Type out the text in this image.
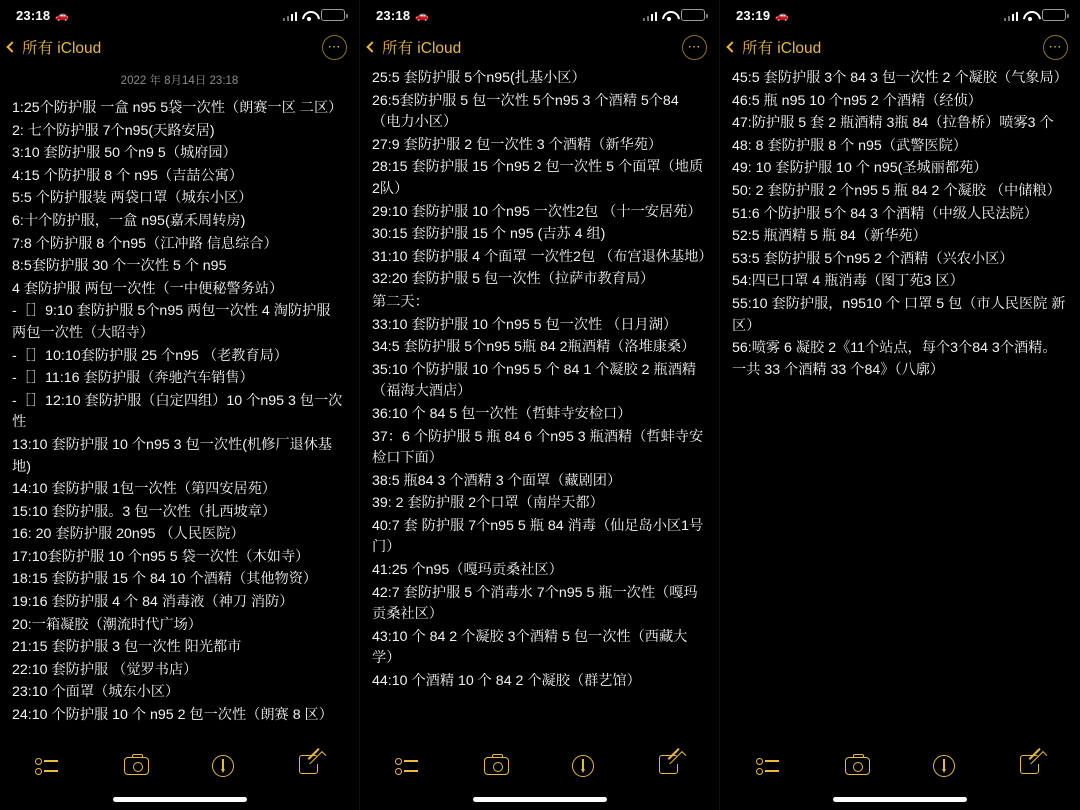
23:18 🚗
所有 iCloud	⋯
2022 年 8月14日 23:18
1:25个防护服 一盒 n95 5袋一次性（朗赛一区 二区）
2: 七个防护服 7个n95(天路安居)
3:10 套防护服 50 个n9 5（城府园）
4:15 个防护服 8 个 n95（吉喆公寓）
5:5 个防护服装 两袋口罩（城东小区）
6:十个防护服，一盒 n95(嘉禾周转房)
7:8 个防护服 8 个n95（江冲路 信息综合）
8:5套防护服 30 个一次性 5 个 n95
4 套防护服 两包一次性（一中便秘警务站）
-［］9:10 套防护服 5个n95 两包一次性 4 淘防护服 两包一次性（大昭寺）
-［］10:10套防护服 25 个n95 （老教育局）
-［］11:16 套防护服（奔驰汽车销售）
-［］12:10 套防护服（白定四组）10 个n95 3 包一次性
13:10 套防护服 10 个n95 3 包一次性(机修厂退休基地)
14:10 套防护服 1包一次性（第四安居苑）
15:10 套防护服。3 包一次性（扎西坡章）
16: 20 套防护服 20n95 （人民医院）
17:10套防护服 10 个n95 5 袋一次性（木如寺）
18:15 套防护服 15 个 84 10 个酒精（其他物资）
19:16 套防护服 4 个 84 消毒液（神刀 消防）
20:一箱凝胶（潮流时代广场）
21:15 套防护服 3 包一次性 阳光都市
22:10 套防护服 （觉罗书店）
23:10 个面罩（城东小区）
24:10 个防护服 10 个 n95 2 包一次性（朗赛 8 区）
23:18 🚗
所有 iCloud	⋯
25:5 套防护服 5个n95(扎基小区）
26:5套防护服 5 包一次性 5个n95 3 个酒精 5个84 （电力小区）
27:9 套防护服 2 包一次性 3 个酒精（新华苑）
28:15 套防护服 15 个n95 2 包一次性 5 个面罩（地质2队）
29:10 套防护服 10 个n95 一次性2包 （十一安居苑）
30:15 套防护服 15 个 n95 (吉苏 4 组)
31:10 套防护服 4 个面罩 一次性2包 （布宫退休基地）
32:20 套防护服 5 包一次性（拉萨市教育局）
第二天：
33:10 套防护服 10 个n95 5 包一次性 （日月湖）
34:5 套防护服 5个n95 5瓶 84 2瓶酒精（洛堆康桑）
35:10 个防护服 10 个n95 5 个 84 1 个凝胶 2 瓶酒精（福海大酒店）
36:10 个 84 5 包一次性（哲蚌寺安检口）
37：6 个防护服 5 瓶 84 6 个n95 3 瓶酒精（哲蚌寺安检口下面）
38:5 瓶84 3 个酒精 3 个面罩（藏剧团）
39: 2 套防护服 2个口罩（南岸天都）
40:7 套 防护服 7个n95 5 瓶 84 消毒（仙足岛小区1号门）
41:25 个n95（嘎玛贡桑社区）
42:7 套防护服 5 个消毒水 7个n95 5 瓶一次性（嘎玛贡桑社区）
43:10 个 84 2 个凝胶 3个酒精 5 包一次性（西藏大学）
44:10 个酒精 10 个 84 2 个凝胶（群艺馆）
23:19 🚗
所有 iCloud	⋯
45:5 套防护服 3个 84 3 包一次性 2 个凝胶（气象局）
46:5 瓶 n95 10 个n95 2 个酒精（经侦）
47:防护服 5 套 2 瓶酒精 3瓶 84（拉鲁桥）喷雾3 个
48: 8 套防护服 8 个 n95（武警医院）
49: 10 套防护服 10 个 n95(圣城丽都苑）
50: 2 套防护服 2 个n95 5 瓶 84 2 个凝胶 （中储粮）
51:6 个防护服 5个 84 3 个酒精（中级人民法院）
52:5 瓶酒精 5 瓶 84（新华苑）
53:5 套防护服 5个n95 2 个酒精（兴农小区）
54:四已口罩 4 瓶消毒（图丁苑3 区）
55:10 套防护服，n9510 个 口罩 5 包（市人民医院 新区）
56:喷雾 6 凝胶 2《11个站点，每个3个84 3个酒精。一共 33 个酒精 33 个84》（八廓）
